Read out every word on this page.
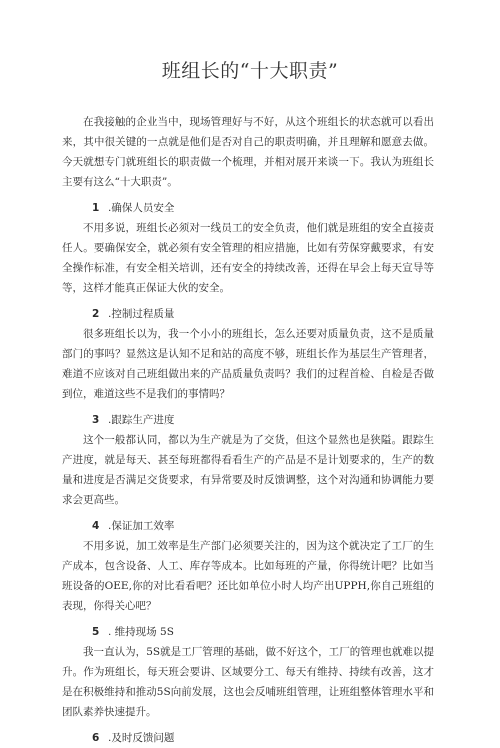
班组长的“十大职责”

在我接触的企业当中，现场管理好与不好，从这个班组长的状态就可以看出来，其中很关键的一点就是他们是否对自己的职责明确，并且理解和愿意去做。今天就想专门就班组长的职责做一个梳理，并相对展开来谈一下。我认为班组长主要有这么“十大职责”。

1 .确保人员安全

不用多说，班组长必须对一线员工的安全负责，他们就是班组的安全直接责任人。要确保安全，就必须有安全管理的相应措施，比如有劳保穿戴要求，有安全操作标准，有安全相关培训，还有安全的持续改善，还得在早会上每天宣导等等，这样才能真正保证大伙的安全。

2 .控制过程质量

很多班组长以为，我一个小小的班组长，怎么还要对质量负责，这不是质量部门的事吗？显然这是认知不足和站的高度不够，班组长作为基层生产管理者，难道不应该对自己班组做出来的产品质量负责吗？我们的过程首检、自检是否做到位，难道这些不是我们的事情吗？

3 .跟踪生产进度

这个一般都认同，都以为生产就是为了交货，但这个显然也是狭隘。跟踪生产进度，就是每天、甚至每班都得看看生产的产品是不是计划要求的，生产的数量和进度是否满足交货要求，有异常要及时反馈调整，这个对沟通和协调能力要求会更高些。

4 .保证加工效率

不用多说，加工效率是生产部门必须要关注的，因为这个就决定了工厂的生产成本，包含设备、人工、库存等成本。比如每班的产量，你得统计吧？比如当班设备的OEE,你的对比看看吧？还比如单位小时人均产出UPPH,你自己班组的表现，你得关心吧？

5 . 维持现场 5S

我一直认为，5S就是工厂管理的基础，做不好这个，工厂的管理也就难以提升。作为班组长，每天班会要讲、区域要分工、每天有维持、持续有改善，这才是在积极维持和推动5S向前发展，这也会反哺班组管理，让班组整体管理水平和团队素养快速提升。

6 .及时反馈问题
